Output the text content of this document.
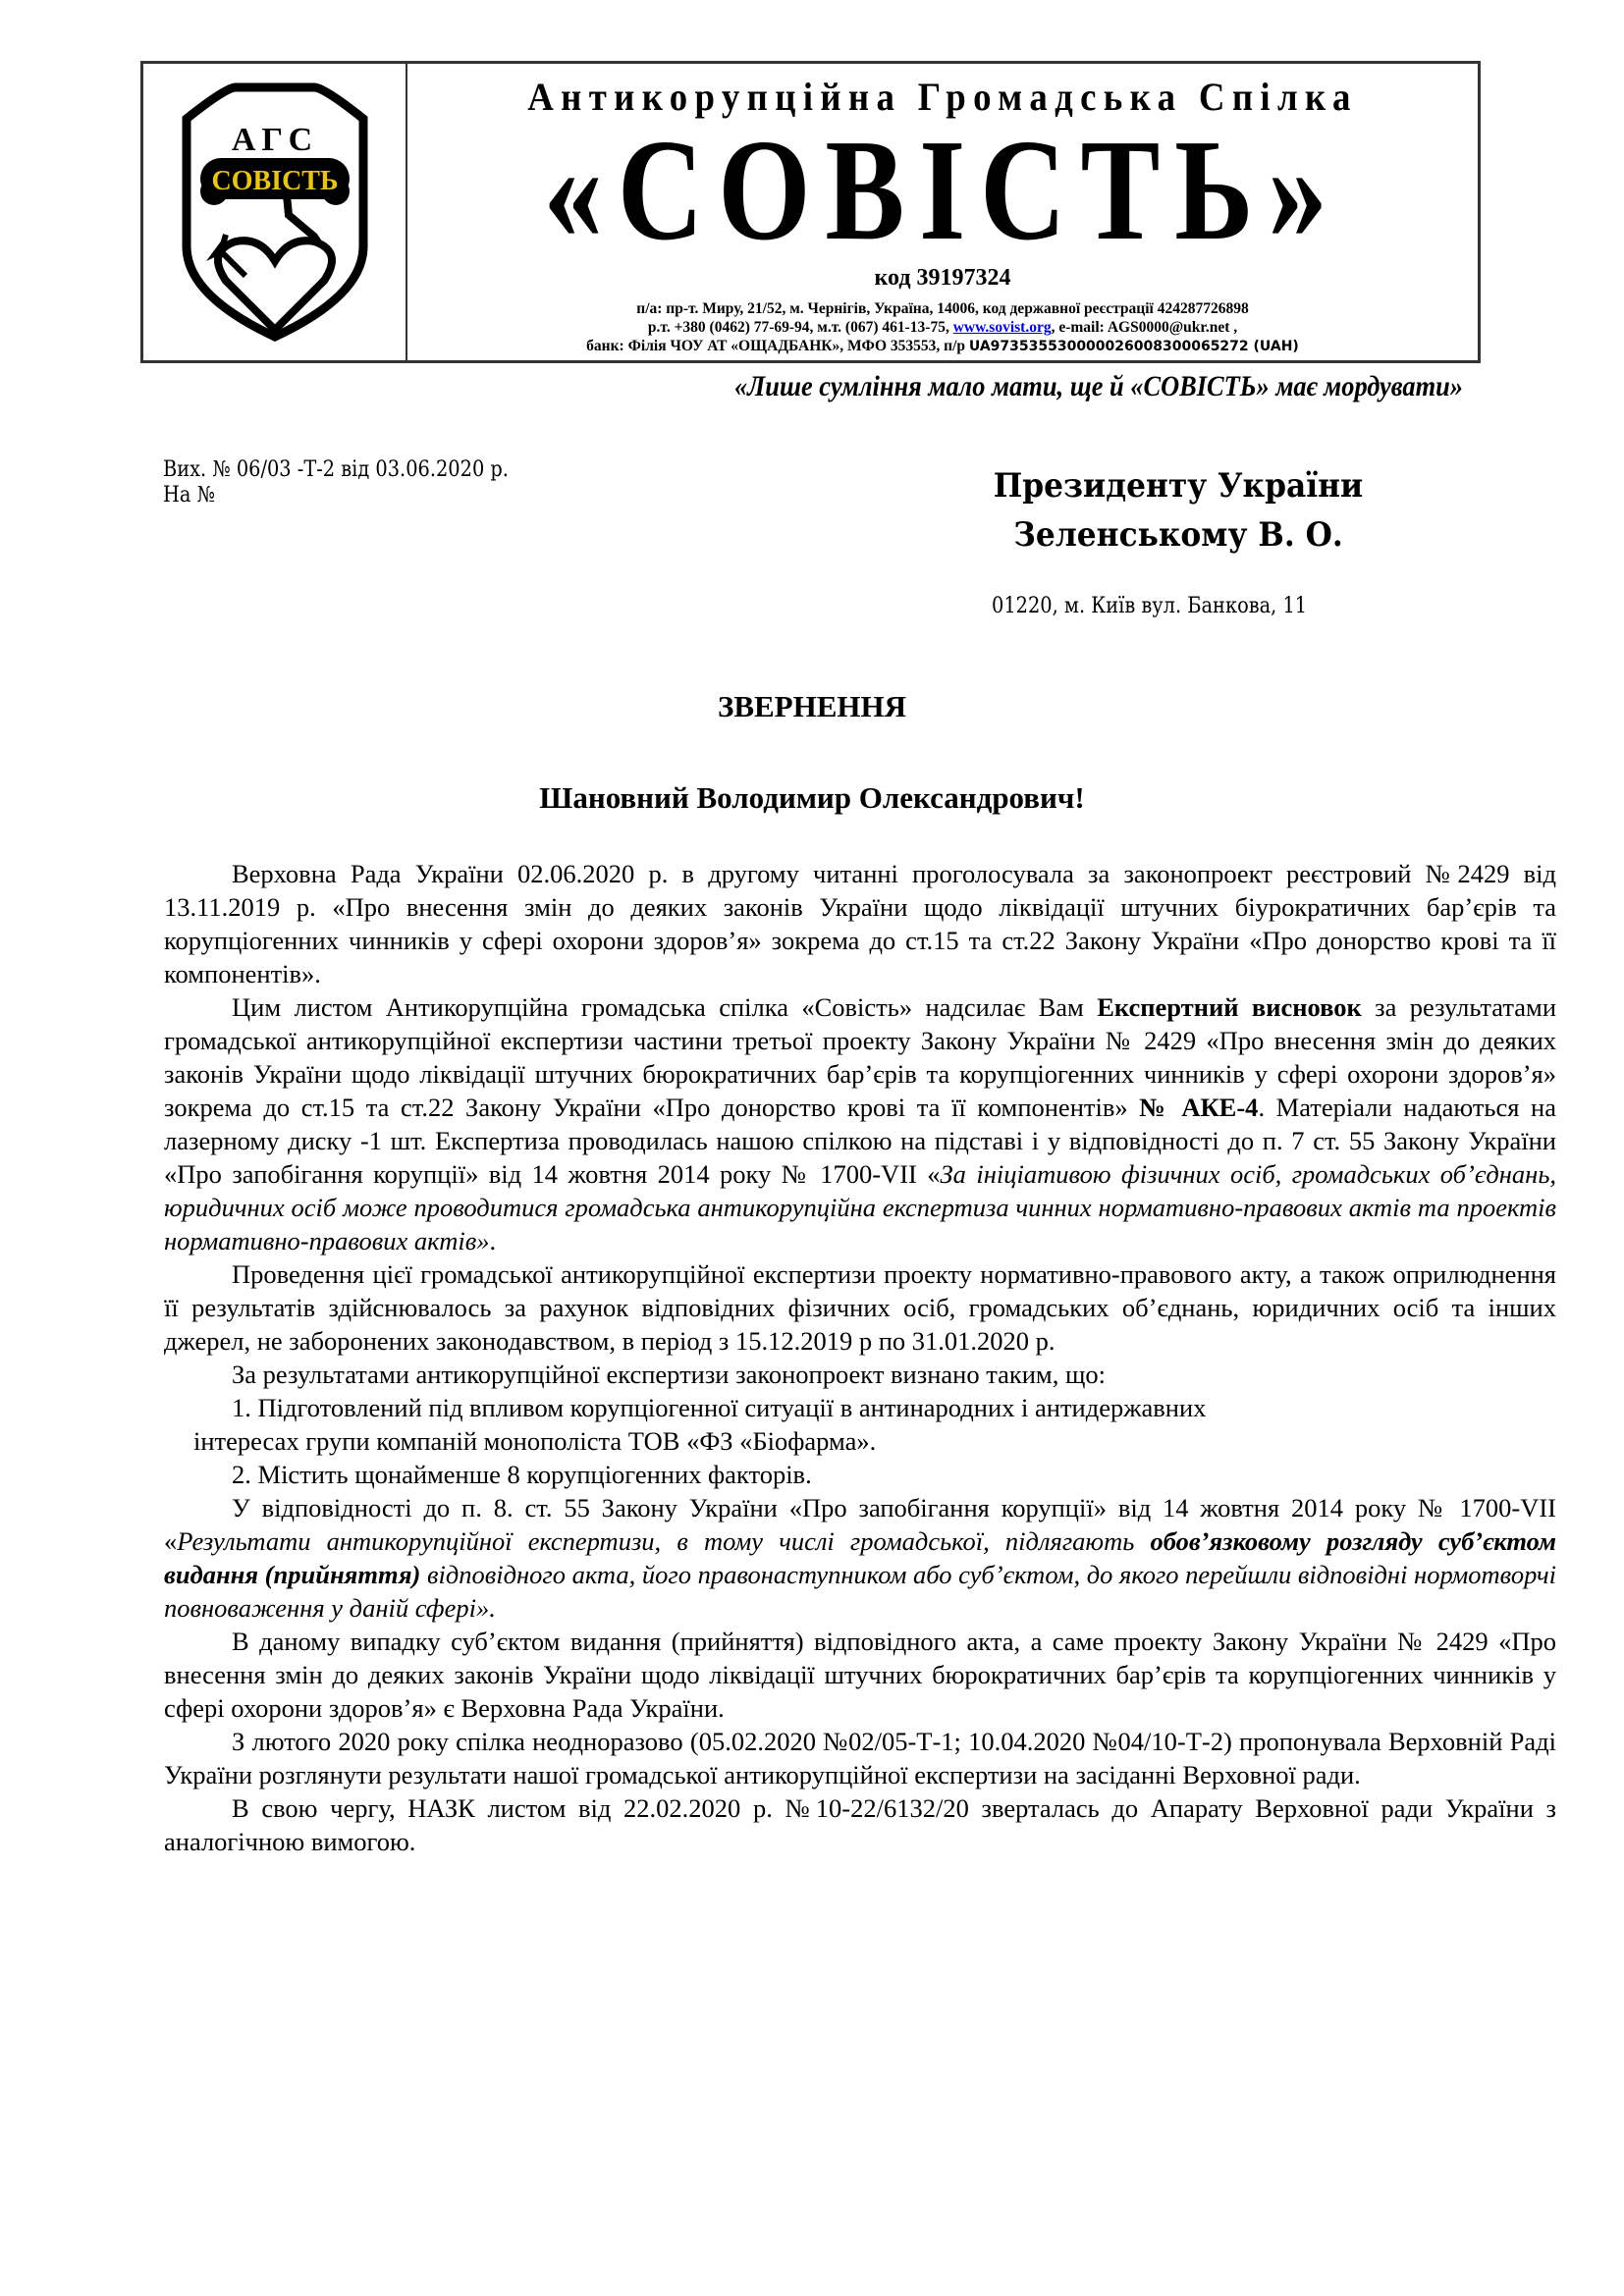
АГС
СОВІСТЬ
Антикорупційна Громадська Спілка
«СОВІСТЬ»
код 39197324
п/а: пр-т. Миру, 21/52, м. Чернігів, Україна, 14006, код державної реєстрації 424287726898
р.т. +380 (0462) 77-69-94, м.т. (067) 461-13-75, www.sovist.org, e-mail: AGS0000@ukr.net ,
банк: Філія ЧОУ АТ «ОЩАДБАНК», МФО 353553, п/р UA973535530000026008300065272 (UAH)
«Лише сумління мало мати, ще й «СОВІСТЬ» має мордувати»
Вих. № 06/03 -Т-2 від 03.06.2020 р.
На №	Президенту України
Зеленському В. О.
01220, м. Київ вул. Банкова, 11
ЗВЕРНЕННЯ
Шановний Володимир Олександрович!

Верховна Рада України 02.06.2020 р. в другому читанні проголосувала за законопроект реєстровий №2429 від 13.11.2019 р. «Про внесення змін до деяких законів України щодо ліквідації штучних біурократичних бар’єрів та корупціогенних чинників у сфері охорони здоров’я» зокрема до ст.15 та ст.22 Закону України «Про донорство крові та її компонентів».

Цим листом Антикорупційна громадська спілка «Совість» надсилає Вам Експертний висновок за результатами громадської антикорупційної експертизи частини третьої проекту Закону України № 2429 «Про внесення змін до деяких законів України щодо ліквідації штучних бюрократичних бар’єрів та корупціогенних чинників у сфері охорони здоров’я» зокрема до ст.15 та ст.22 Закону України «Про донорство крові та її компонентів» № АКЕ-4. Матеріали надаються на лазерному диску -1 шт. Експертиза проводилась нашою спілкою на підставі і у відповідності до п. 7 ст. 55 Закону України «Про запобігання корупції» від 14 жовтня 2014 року № 1700-VII «За ініціативою фізичних осіб, громадських об’єднань, юридичних осіб може проводитися громадська антикорупційна експертиза чинних нормативно-правових актів та проектів нормативно-правових актів».

Проведення цієї громадської антикорупційної експертизи проекту нормативно-правового акту, а також оприлюднення її результатів здійснювалось за рахунок відповідних фізичних осіб, громадських об’єднань, юридичних осіб та інших джерел, не заборонених законодавством, в період з 15.12.2019 р по 31.01.2020 р.

За результатами антикорупційної експертизи законопроект визнано таким, що:

1. Підготовлений під впливом корупціогенної ситуації в антинародних і антидержавних

інтересах групи компаній монополіста ТОВ «ФЗ «Біофарма».

2. Містить щонайменше 8 корупціогенних факторів.

У відповідності до п. 8. ст. 55 Закону України «Про запобігання корупції» від 14 жовтня 2014 року № 1700-VII «Результати антикорупційної експертизи, в тому числі громадської, підлягають обов’язковому розгляду суб’єктом видання (прийняття) відповідного акта, його правонаступником або суб’єктом, до якого перейшли відповідні нормотворчі повноваження у даній сфері».

В даному випадку суб’єктом видання (прийняття) відповідного акта, а саме проекту Закону України № 2429 «Про внесення змін до деяких законів України щодо ліквідації штучних бюрократичних бар’єрів та корупціогенних чинників у сфері охорони здоров’я» є Верховна Рада України.

З лютого 2020 року спілка неодноразово (05.02.2020 №02/05-Т-1; 10.04.2020 №04/10-Т-2) пропонувала Верховній Раді України розглянути результати нашої громадської антикорупційної експертизи на засіданні Верховної ради.

В свою чергу, НАЗК листом від 22.02.2020 р. №10-22/6132/20 зверталась до Апарату Верховної ради України з аналогічною вимогою.
